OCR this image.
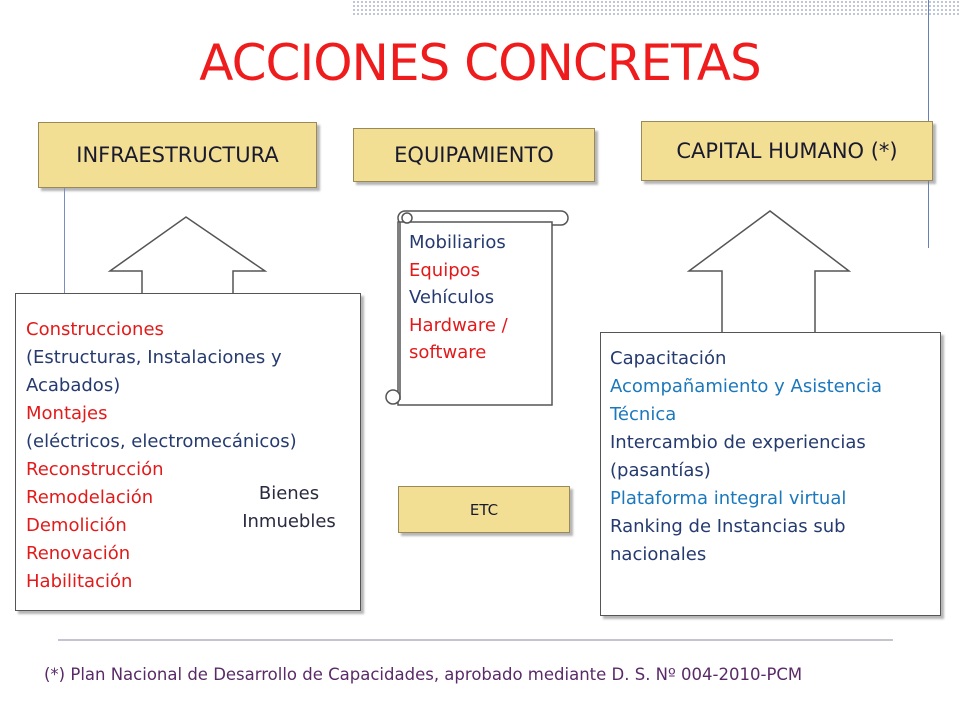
ACCIONES CONCRETAS
INFRAESTRUCTURA	EQUIPAMIENTO	CAPITAL HUMANO (*)
Construcciones
(Estructuras, Instalaciones y
Acabados)
Montajes
(eléctricos, electromecánicos)
Reconstrucción
Remodelación
Demolición
Renovación
Habilitación
Bienes
Inmuebles
Mobiliarios
Equipos
Vehículos
Hardware /
software
ETC
Capacitación
Acompañamiento y Asistencia
Técnica
Intercambio de experiencias
(pasantías)
Plataforma integral virtual
Ranking de Instancias sub
nacionales
(*) Plan Nacional de Desarrollo de Capacidades, aprobado mediante D. S. Nº 004-2010-PCM
